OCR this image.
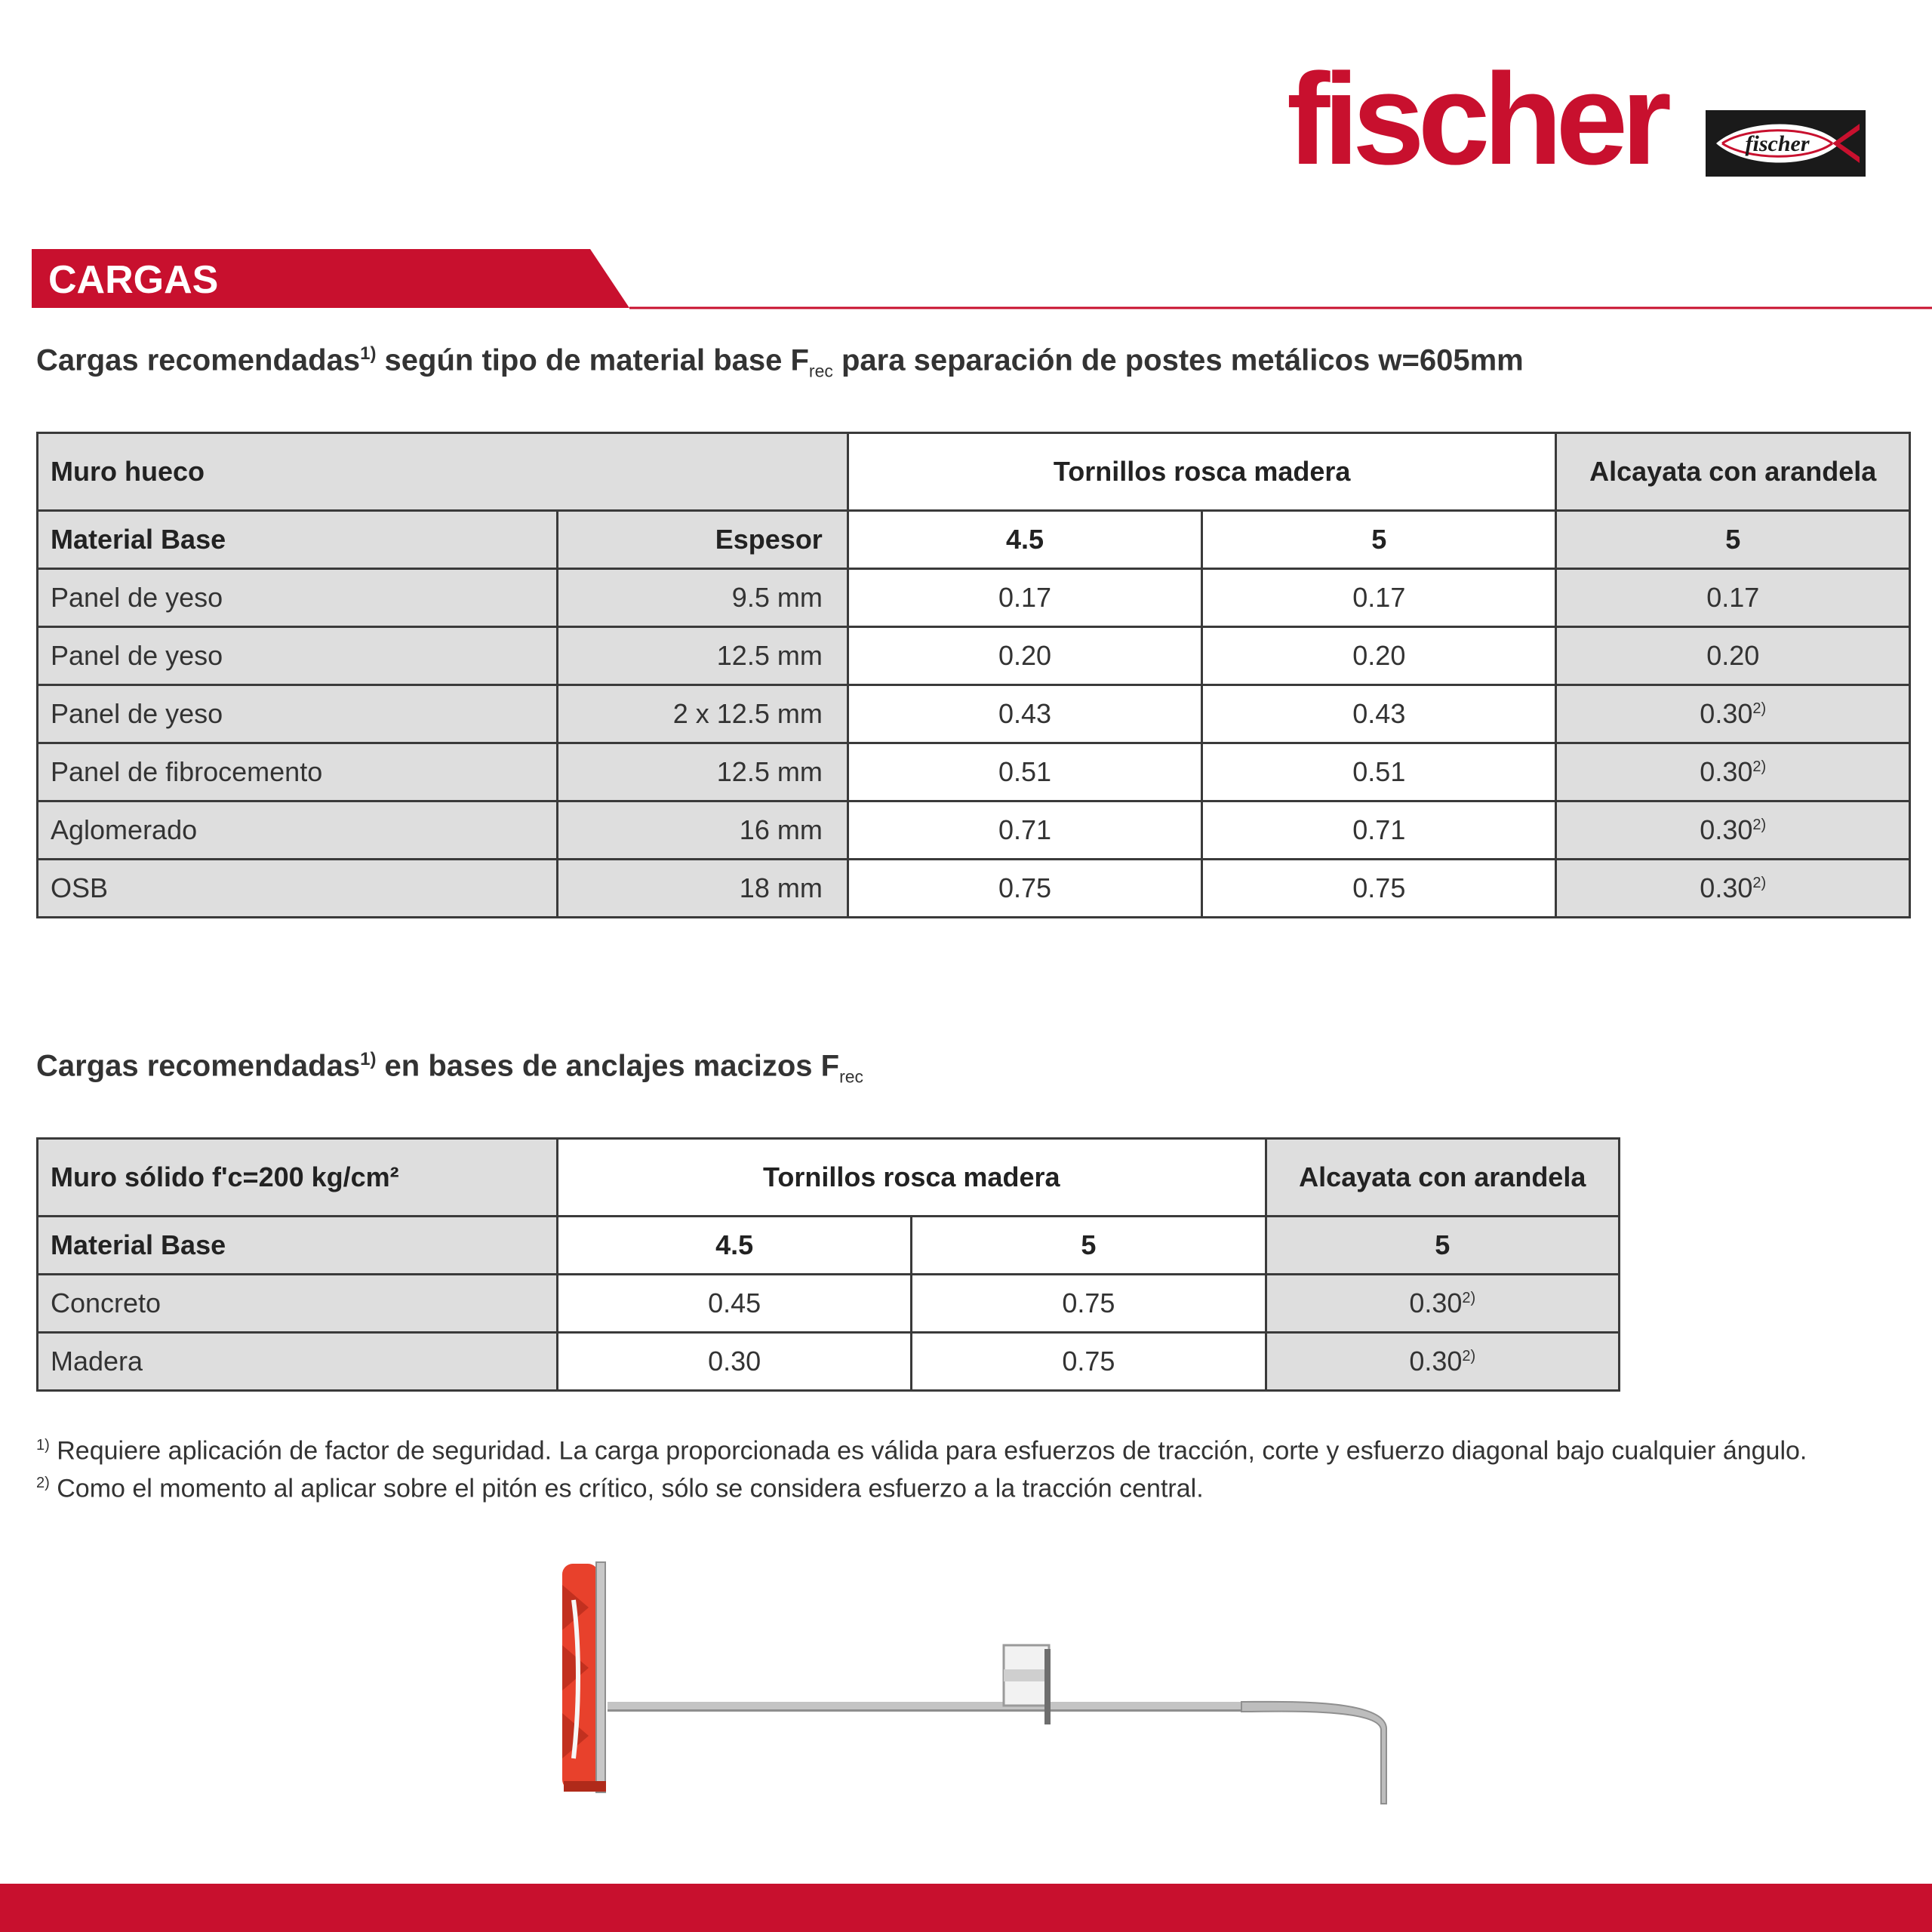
fischer	fischer
CARGAS
Cargas recomendadas$^{1)}$ según tipo de material base $F_{rec}$ para separación de postes metálicos w=605mm
Muro hueco		Tornillos rosca madera		Alcayata con arandela
Material Base	Espesor	4.5	5	5
Panel de yeso	9.5 mm	0.17	0.17	0.17
Panel de yeso	12.5 mm	0.20	0.20	0.20
Panel de yeso	2 x 12.5 mm	0.43	0.43	0.30$^{2)}$
Panel de fibrocemento	12.5 mm	0.51	0.51	0.30$^{2)}$
Aglomerado	16 mm	0.71	0.71	0.30$^{2)}$
OSB	18 mm	0.75	0.75	0.30$^{2)}$
Cargas recomendadas$^{1)}$ en bases de anclajes macizos $F_{rec}$
Muro sólido f'c=200 kg/cm²	Tornillos rosca madera		Alcayata con arandela
Material Base	4.5	5	5
Concreto	0.45	0.75	0.30$^{2)}$
Madera	0.30	0.75	0.30$^{2)}$
$^{1)}$ Requiere aplicación de factor de seguridad. La carga proporcionada es válida para esfuerzos de tracción, corte y esfuerzo diagonal bajo cualquier ángulo.
$^{2)}$ Como el momento al aplicar sobre el pitón es crítico, sólo se considera esfuerzo a la tracción central.
